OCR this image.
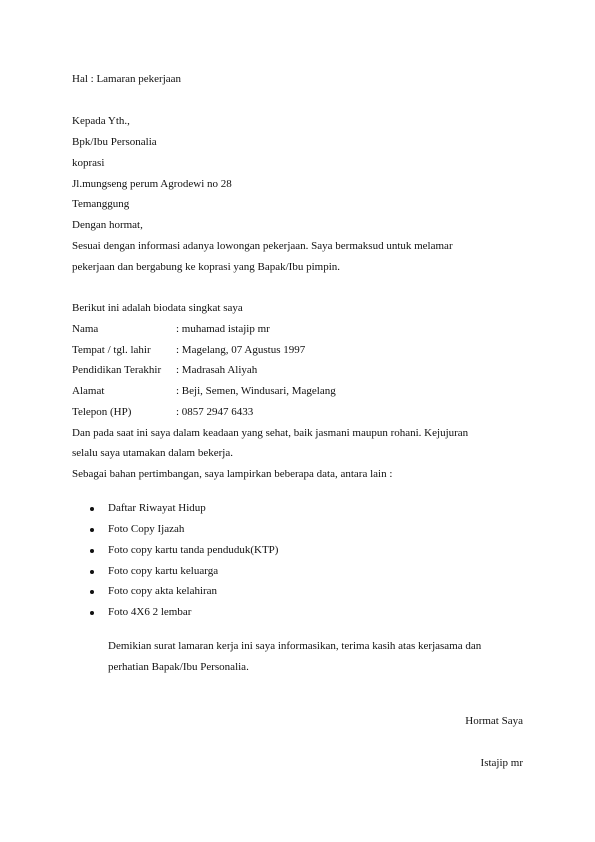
Hal : Lamaran pekerjaan
Kepada Yth.,
Bpk/Ibu Personalia
koprasi
Jl.mungseng perum Agrodewi no 28
Temanggung
Dengan hormat,
Sesuai dengan informasi adanya lowongan pekerjaan. Saya bermaksud untuk melamar
pekerjaan dan bergabung ke koprasi yang Bapak/Ibu pimpin.
Berikut ini adalah biodata singkat saya
Nama	: muhamad istajip mr
Tempat / tgl. lahir : Magelang, 07 Agustus 1997
Pendidikan Terakhir : Madrasah Aliyah
Alamat	: Beji, Semen, Windusari, Magelang
Telepon (HP)	: 0857 2947 6433
Dan pada saat ini saya dalam keadaan yang sehat, baik jasmani maupun rohani. Kejujuran
selalu saya utamakan dalam bekerja.
Sebagai bahan pertimbangan, saya lampirkan beberapa data, antara lain :
Daftar Riwayat Hidup
Foto Copy Ijazah
Foto copy kartu tanda penduduk(KTP)
Foto copy kartu keluarga
Foto copy akta kelahiran
Foto 4X6 2 lembar
Demikian surat lamaran kerja ini saya informasikan, terima kasih atas kerjasama dan
perhatian Bapak/Ibu Personalia.
Hormat Saya
Istajip mr
